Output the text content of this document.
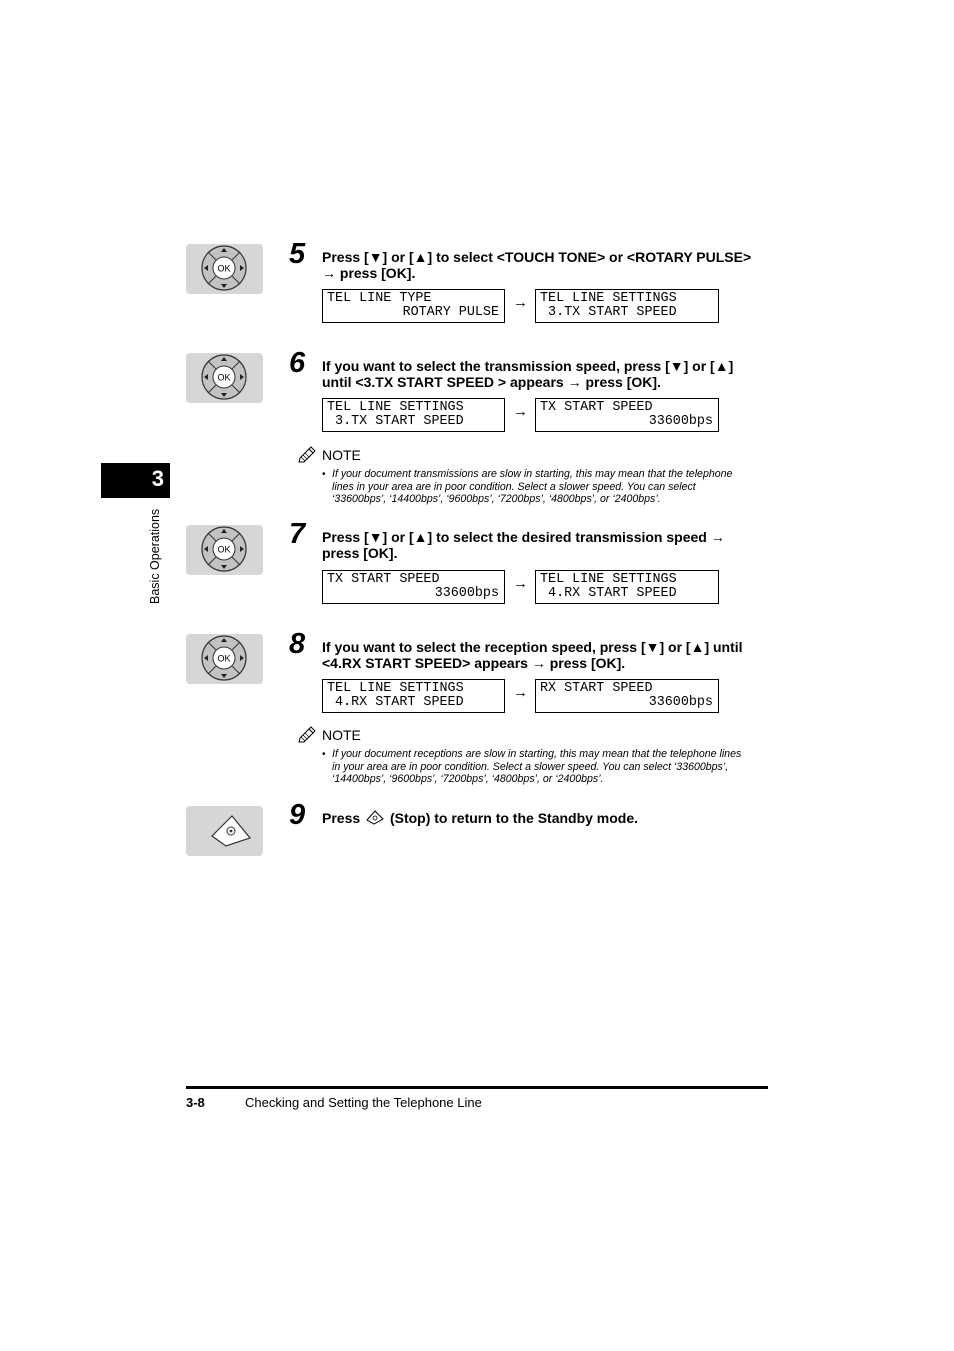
3
Basic Operations
OK 5 Press [▼] or [▲] to select <TOUCH TONE> or <ROTARY PULSE>
→ press [OK].
TEL LINE TYPE
ROTARY PULSE
→ TEL LINE SETTINGS
3.TX START SPEED
OK 6 If you want to select the transmission speed, press [▼] or [▲]
until <3.TX START SPEED > appears → press [OK].
TEL LINE SETTINGS
3.TX START SPEED
→ TX START SPEED
33600bps
NOTE
• If your document transmissions are slow in starting, this may mean that the telephone
lines in your area are in poor condition. Select a slower speed. You can select
‘33600bps’, ‘14400bps’, ‘9600bps’, ‘7200bps’, ‘4800bps’, or ‘2400bps’.
OK 7 Press [▼] or [▲] to select the desired transmission speed →
press [OK].
TX START SPEED
33600bps
→ TEL LINE SETTINGS
4.RX START SPEED
OK 8 If you want to select the reception speed, press [▼] or [▲] until
<4.RX START SPEED> appears → press [OK].
TEL LINE SETTINGS
4.RX START SPEED
→ RX START SPEED
33600bps
NOTE
• If your document receptions are slow in starting, this may mean that the telephone lines
in your area are in poor condition. Select a slower speed. You can select ‘33600bps’,
‘14400bps’, ‘9600bps’, ‘7200bps’, ‘4800bps’, or ‘2400bps’.
9 Press (Stop) to return to the Standby mode.
3-8	Checking and Setting the Telephone Line
